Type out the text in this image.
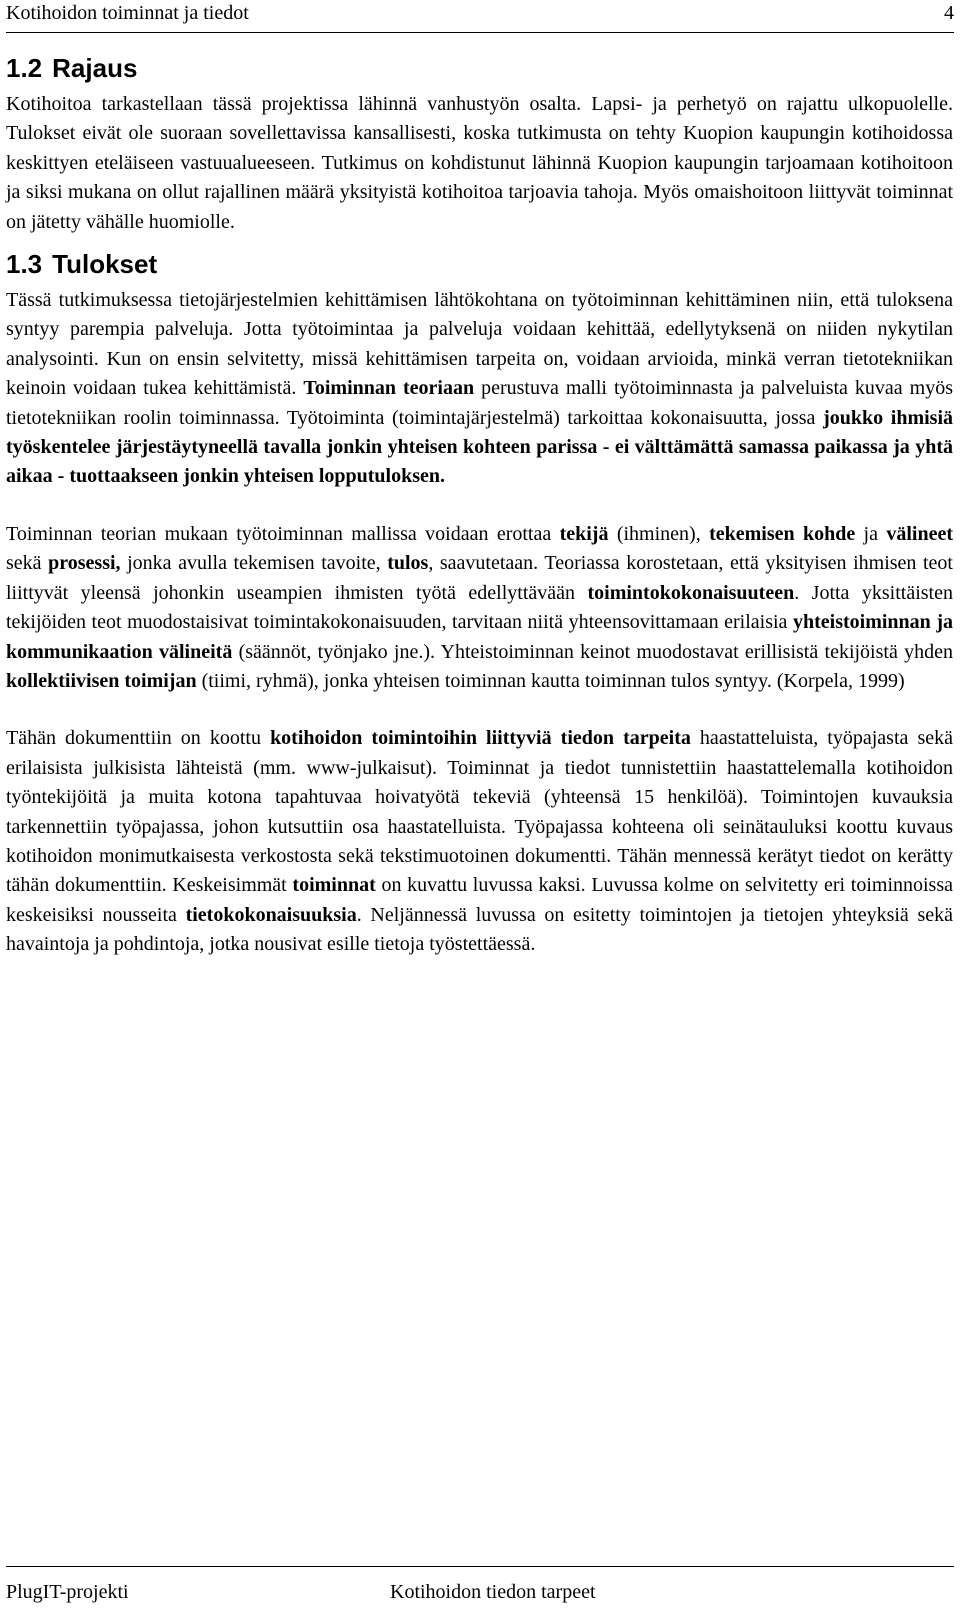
Kotihoidon toiminnat ja tiedot	4
1.2 Rajaus

Kotihoitoa tarkastellaan tässä projektissa lähinnä vanhustyön osalta. Lapsi- ja perhetyö on rajattu ulkopuolelle. Tulokset eivät ole suoraan sovellettavissa kansallisesti, koska tutkimusta on tehty Kuopion kaupungin kotihoidossa keskittyen eteläiseen vastuualueeseen. Tutkimus on kohdistunut lähinnä Kuopion kaupungin tarjoamaan kotihoitoon ja siksi mukana on ollut rajallinen määrä yksityistä kotihoitoa tarjoavia tahoja. Myös omaishoitoon liittyvät toiminnat on jätetty vähälle huomiolle.

1.3 Tulokset

Tässä tutkimuksessa tietojärjestelmien kehittämisen lähtökohtana on työtoiminnan kehittäminen niin, että tuloksena syntyy parempia palveluja. Jotta työtoimintaa ja palveluja voidaan kehittää, edellytyksenä on niiden nykytilan analysointi. Kun on ensin selvitetty, missä kehittämisen tarpeita on, voidaan arvioida, minkä verran tietotekniikan keinoin voidaan tukea kehittämistä. Toiminnan teoriaan perustuva malli työtoiminnasta ja palveluista kuvaa myös tietotekniikan roolin toiminnassa. Työtoiminta (toimintajärjestelmä) tarkoittaa kokonaisuutta, jossa joukko ihmisiä työskentelee järjestäytyneellä tavalla jonkin yhteisen kohteen parissa - ei välttämättä samassa paikassa ja yhtä aikaa - tuottaakseen jonkin yhteisen lopputuloksen.

Toiminnan teorian mukaan työtoiminnan mallissa voidaan erottaa tekijä (ihminen), tekemisen kohde ja välineet sekä prosessi, jonka avulla tekemisen tavoite, tulos, saavutetaan. Teoriassa korostetaan, että yksityisen ihmisen teot liittyvät yleensä johonkin useampien ihmisten työtä edellyttävään toimintokokonaisuuteen. Jotta yksittäisten tekijöiden teot muodostaisivat toimintakokonaisuuden, tarvitaan niitä yhteensovittamaan erilaisia yhteistoiminnan ja kommunikaation välineitä (säännöt, työnjako jne.). Yhteistoiminnan keinot muodostavat erillisistä tekijöistä yhden kollektiivisen toimijan (tiimi, ryhmä), jonka yhteisen toiminnan kautta toiminnan tulos syntyy. (Korpela, 1999)

Tähän dokumenttiin on koottu kotihoidon toimintoihin liittyviä tiedon tarpeita haastatteluista, työpajasta sekä erilaisista julkisista lähteistä (mm. www-julkaisut). Toiminnat ja tiedot tunnistettiin haastattelemalla kotihoidon työntekijöitä ja muita kotona tapahtuvaa hoivatyötä tekeviä (yhteensä 15 henkilöä). Toimintojen kuvauksia tarkennettiin työpajassa, johon kutsuttiin osa haastatelluista. Työpajassa kohteena oli seinätauluksi koottu kuvaus kotihoidon monimutkaisesta verkostosta sekä tekstimuotoinen dokumentti. Tähän mennessä kerätyt tiedot on kerätty tähän dokumenttiin. Keskeisimmät toiminnat on kuvattu luvussa kaksi. Luvussa kolme on selvitetty eri toiminnoissa keskeisiksi nousseita tietokokonaisuuksia. Neljännessä luvussa on esitetty toimintojen ja tietojen yhteyksiä sekä havaintoja ja pohdintoja, jotka nousivat esille tietoja työstettäessä.

PlugIT-projekti	Kotihoidon tiedon tarpeet
